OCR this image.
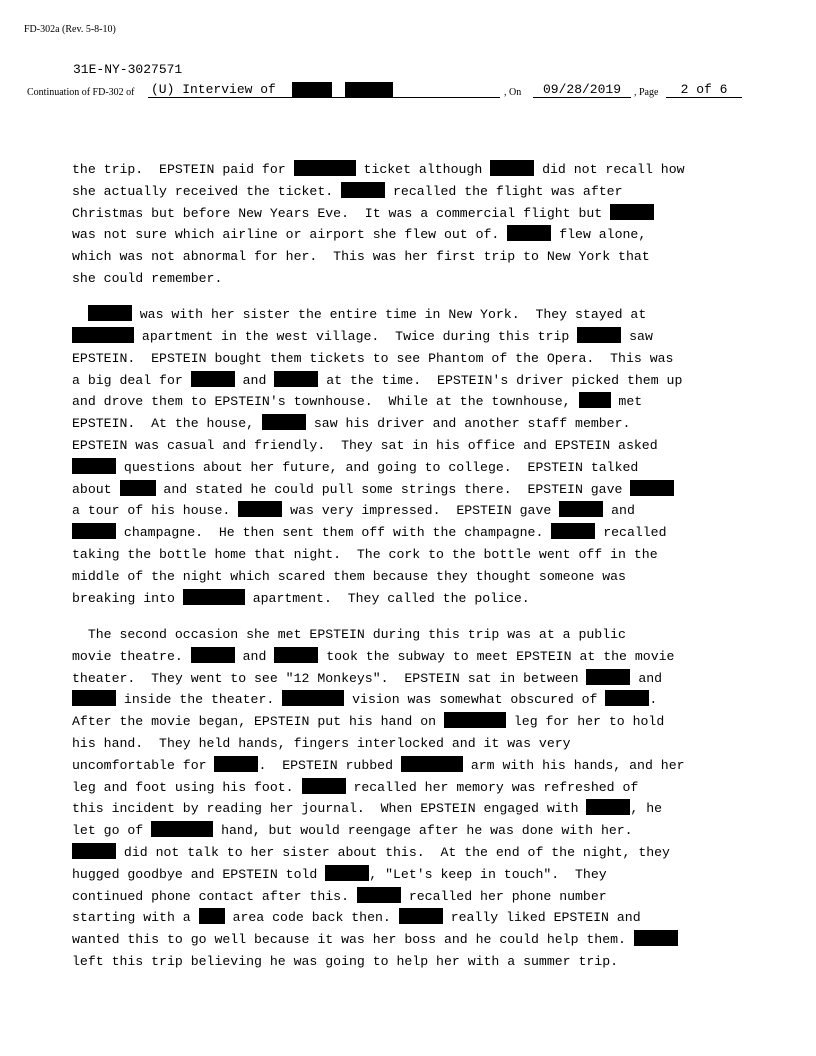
FD-302a (Rev. 5-8-10)
31E-NY-3027571
Continuation of FD-302 of (U) Interview of	, On	09/28/2019	, Page	2 of 6
the trip.  EPSTEIN paid for	ticket although	did not recall how
she actually received the ticket.	recalled the flight was after
Christmas but before New Years Eve.  It was a commercial flight but
was not sure which airline or airport she flew out of.	flew alone,
which was not abnormal for her.  This was her first trip to New York that
she could remember.
was with her sister the entire time in New York.  They stayed at
apartment in the west village.  Twice during this trip	saw
EPSTEIN.  EPSTEIN bought them tickets to see Phantom of the Opera.  This was
a big deal for	and	at the time.  EPSTEIN's driver picked them up
and drove them to EPSTEIN's townhouse.  While at the townhouse,	met
EPSTEIN.  At the house,	saw his driver and another staff member.
EPSTEIN was casual and friendly.  They sat in his office and EPSTEIN asked
questions about her future, and going to college.  EPSTEIN talked
about	and stated he could pull some strings there.  EPSTEIN gave
a tour of his house.	was very impressed.  EPSTEIN gave	and
champagne.  He then sent them off with the champagne.	recalled
taking the bottle home that night.  The cork to the bottle went off in the
middle of the night which scared them because they thought someone was
breaking into	apartment.  They called the police.
The second occasion she met EPSTEIN during this trip was at a public
movie theatre.	and	took the subway to meet EPSTEIN at the movie
theater.  They went to see "12 Monkeys".  EPSTEIN sat in between	and
inside the theater.	vision was somewhat obscured of	.
After the movie began, EPSTEIN put his hand on	leg for her to hold
his hand.  They held hands, fingers interlocked and it was very
uncomfortable for	.  EPSTEIN rubbed	arm with his hands, and her
leg and foot using his foot.	recalled her memory was refreshed of
this incident by reading her journal.  When EPSTEIN engaged with	, he
let go of	hand, but would reengage after he was done with her.
did not talk to her sister about this.  At the end of the night, they
hugged goodbye and EPSTEIN told	, "Let's keep in touch".  They
continued phone contact after this.	recalled her phone number
starting with a	area code back then.	really liked EPSTEIN and
wanted this to go well because it was her boss and he could help them.
left this trip believing he was going to help her with a summer trip.
